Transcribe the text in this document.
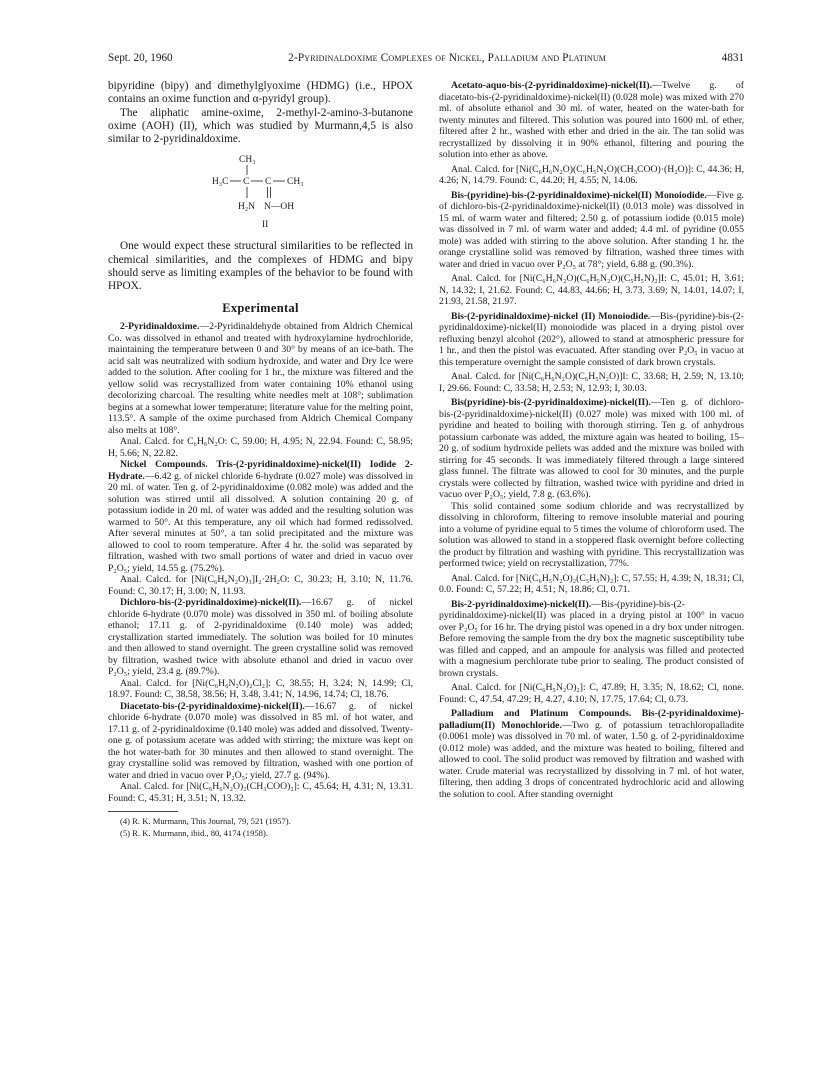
Sept. 20, 1960	2-Pyridinaldoxime Complexes of Nickel, Palladium and Platinum	4831

bipyridine (bipy) and dimethylglyoxime (HDMG) (i.e., HPOX contains an oxime function and α-pyridyl group).

The aliphatic amine-oxime, 2-methyl-2-amino-3-butanone oxime (AOH) (II), which was studied by Murmann,4,5 is also similar to 2-pyridinaldoxime.

CH₃
H₃C C C CH₃
H₂N N—OH
II

One would expect these structural similarities to be reflected in chemical similarities, and the complexes of HDMG and bipy should serve as limiting examples of the behavior to be found with HPOX.

Experimental

2-Pyridinaldoxime.—2-Pyridinaldehyde obtained from Aldrich Chemical Co. was dissolved in ethanol and treated with hydroxylamine hydrochloride, maintaining the temperature between 0 and 30° by means of an ice-bath. The acid salt was neutralized with sodium hydroxide, and water and Dry Ice were added to the solution. After cooling for 1 hr., the mixture was filtered and the yellow solid was recrystallized from water containing 10% ethanol using decolorizing charcoal. The resulting white needles melt at 108°; sublimation begins at a somewhat lower temperature; literature value for the melting point, 113.5°. A sample of the oxime purchased from Aldrich Chemical Company also melts at 108°.

Anal. Calcd. for C₆H₆N₂O: C, 59.00; H, 4.95; N, 22.94. Found: C, 58.95; H, 5.66; N, 22.82.

Nickel Compounds. Tris-(2-pyridinaldoxime)-nickel(II) Iodide 2-Hydrate.—6.42 g. of nickel chloride 6-hydrate (0.027 mole) was dissolved in 20 ml. of water. Ten g. of 2-pyridinaldoxime (0.082 mole) was added and the solution was stirred until all dissolved. A solution containing 20 g. of potassium iodide in 20 ml. of water was added and the resulting solution was warmed to 50°. At this temperature, any oil which had formed redissolved. After several minutes at 50°, a tan solid precipitated and the mixture was allowed to cool to room temperature. After 4 hr. the solid was separated by filtration, washed with two small portions of water and dried in vacuo over P₂O₅; yield, 14.55 g. (75.2%).

Anal. Calcd. for [Ni(C₆H₆N₂O)₃]I₂·2H₂O: C, 30.23; H, 3.10; N, 11.76. Found: C, 30.17; H, 3.00; N, 11.93.

Dichloro-bis-(2-pyridinaldoxime)-nickel(II).—16.67 g. of nickel chloride 6-hydrate (0.070 mole) was dissolved in 350 ml. of boiling absolute ethanol; 17.11 g. of 2-pyridinaldoxime (0.140 mole) was added; crystallization started immediately. The solution was boiled for 10 minutes and then allowed to stand overnight. The green crystalline solid was removed by filtration, washed twice with absolute ethanol and dried in vacuo over P₂O₅; yield, 23.4 g. (89.7%).

Anal. Calcd. for [Ni(C₆H₆N₂O)₂Cl₂]: C, 38.55; H, 3.24; N, 14.99; Cl, 18.97. Found: C, 38.58, 38.56; H, 3.48, 3.41; N, 14.96, 14.74; Cl, 18.76.

Diacetato-bis-(2-pyridinaldoxime)-nickel(II).—16.67 g. of nickel chloride 6-hydrate (0.070 mole) was dissolved in 85 ml. of hot water, and 17.11 g. of 2-pyridinaldoxime (0.140 mole) was added and dissolved. Twenty-one g. of potassium acetate was added with stirring; the mixture was kept on the hot water-bath for 30 minutes and then allowed to stand overnight. The gray crystalline solid was removed by filtration, washed with one portion of water and dried in vacuo over P₂O₅; yield, 27.7 g. (94%).

Anal. Calcd. for [Ni(C₆H₆N₂O)₂(CH₃COO)₂]: C, 45.64; H, 4.31; N, 13.31. Found: C, 45.31; H, 3.51; N, 13.32.

(4) R. K. Murmann, This Journal, 79, 521 (1957).

(5) R. K. Murmann, ibid., 80, 4174 (1958).

Acetato-aquo-bis-(2-pyridinaldoxime)-nickel(II).—Twelve g. of diacetato-bis-(2-pyridinaldoxime)-nickel(II) (0.028 mole) was mixed with 270 ml. of absolute ethanol and 30 ml. of water, heated on the water-bath for twenty minutes and filtered. This solution was poured into 1600 ml. of ether, filtered after 2 hr., washed with ether and dried in the air. The tan solid was recrystallized by dissolving it in 90% ethanol, filtering and pouring the solution into ether as above.

Anal. Calcd. for [Ni(C₆H₆N₂O)(C₆H₅N₂O)(CH₃COO)·(H₂O)]: C, 44.36; H, 4.26; N, 14.79. Found: C, 44.20; H, 4.55; N, 14.06.

Bis-(pyridine)-bis-(2-pyridinaldoxime)-nickel(II) Monoiodide.—Five g. of dichloro-bis-(2-pyridinaldoxime)-nickel(II) (0.013 mole) was dissolved in 15 ml. of warm water and filtered; 2.50 g. of potassium iodide (0.015 mole) was dissolved in 7 ml. of warm water and added; 4.4 ml. of pyridine (0.055 mole) was added with stirring to the above solution. After standing 1 hr. the orange crystalline solid was removed by filtration, washed three times with water and dried in vacuo over P₂O₅ at 78°; yield, 6.88 g. (90.3%).

Anal. Calcd. for [Ni(C₆H₆N₂O)(C₆H₅N₂O)(C₅H₅N)₂]I: C, 45.01; H, 3.61; N, 14.32; I, 21.62. Found: C, 44.83, 44.66; H, 3.73, 3.69; N, 14.01, 14.07; I, 21.93, 21.58, 21.97.

Bis-(2-pyridinaldoxime)-nickel (II) Monoiodide.—Bis-(pyridine)-bis-(2-pyridinaldoxime)-nickel(II) monoiodide was placed in a drying pistol over refluxing benzyl alcohol (202°), allowed to stand at atmospheric pressure for 1 hr., and then the pistol was evacuated. After standing over P₂O₅ in vacuo at this temperature overnight the sample consisted of dark brown crystals.

Anal. Calcd. for [Ni(C₆H₆N₂O)(C₆H₅N₂O)]I: C, 33.68; H, 2.59; N, 13.10; I, 29.66. Found: C, 33.58; H, 2.53; N, 12.93; I, 30.03.

Bis(pyridine)-bis-(2-pyridinaldoxime)-nickel(II).—Ten g. of dichloro-bis-(2-pyridinaldoxime)-nickel(II) (0.027 mole) was mixed with 100 ml. of pyridine and heated to boiling with thorough stirring. Ten g. of anhydrous potassium carbonate was added, the mixture again was heated to boiling, 15–20 g. of sodium hydroxide pellets was added and the mixture was boiled with stirring for 45 seconds. It was immediately filtered through a large sintered glass funnel. The filtrate was allowed to cool for 30 minutes, and the purple crystals were collected by filtration, washed twice with pyridine and dried in vacuo over P₂O₅; yield, 7.8 g. (63.6%).

This solid contained some sodium chloride and was recrystallized by dissolving in chloroform, filtering to remove insoluble material and pouring into a volume of pyridine equal to 5 times the volume of chloroform used. The solution was allowed to stand in a stoppered flask overnight before collecting the product by filtration and washing with pyridine. This recrystallization was performed twice; yield on recrystallization, 77%.

Anal. Calcd. for [Ni(C₆H₅N₂O)₂(C₅H₅N)₂]: C, 57.55; H, 4.39; N, 18.31; Cl, 0.0. Found: C, 57.22; H, 4.51; N, 18.86; Cl, 0.71.

Bis-2-pyridinaldoxime)-nickel(II).—Bis-(pyridine)-bis-(2-pyridinaldoxime)-nickel(II) was placed in a drying pistol at 100° in vacuo over P₂O₅ for 16 hr. The drying pistol was opened in a dry box under nitrogen. Before removing the sample from the dry box the magnetic susceptibility tube was filled and capped, and an ampoule for analysis was filled and protected with a magnesium perchlorate tube prior to sealing. The product consisted of brown crystals.

Anal. Calcd. for [Ni(C₆H₅N₂O)₂]: C, 47.89; H, 3.35; N, 18.62; Cl, none. Found: C, 47.54, 47.29; H, 4.27, 4.10; N, 17.75, 17.64; Cl, 0.73.

Palladium and Platinum Compounds. Bis-(2-pyridinaldoxime)-palladium(II) Monochloride.—Two g. of potassium tetrachloropalladite (0.0061 mole) was dissolved in 70 ml. of water, 1.50 g. of 2-pyridinaldoxime (0.012 mole) was added, and the mixture was heated to boiling, filtered and allowed to cool. The solid product was removed by filtration and washed with water. Crude material was recrystallized by dissolving in 7 ml. of hot water, filtering, then adding 3 drops of concentrated hydrochloric acid and allowing the solution to cool. After standing overnight
